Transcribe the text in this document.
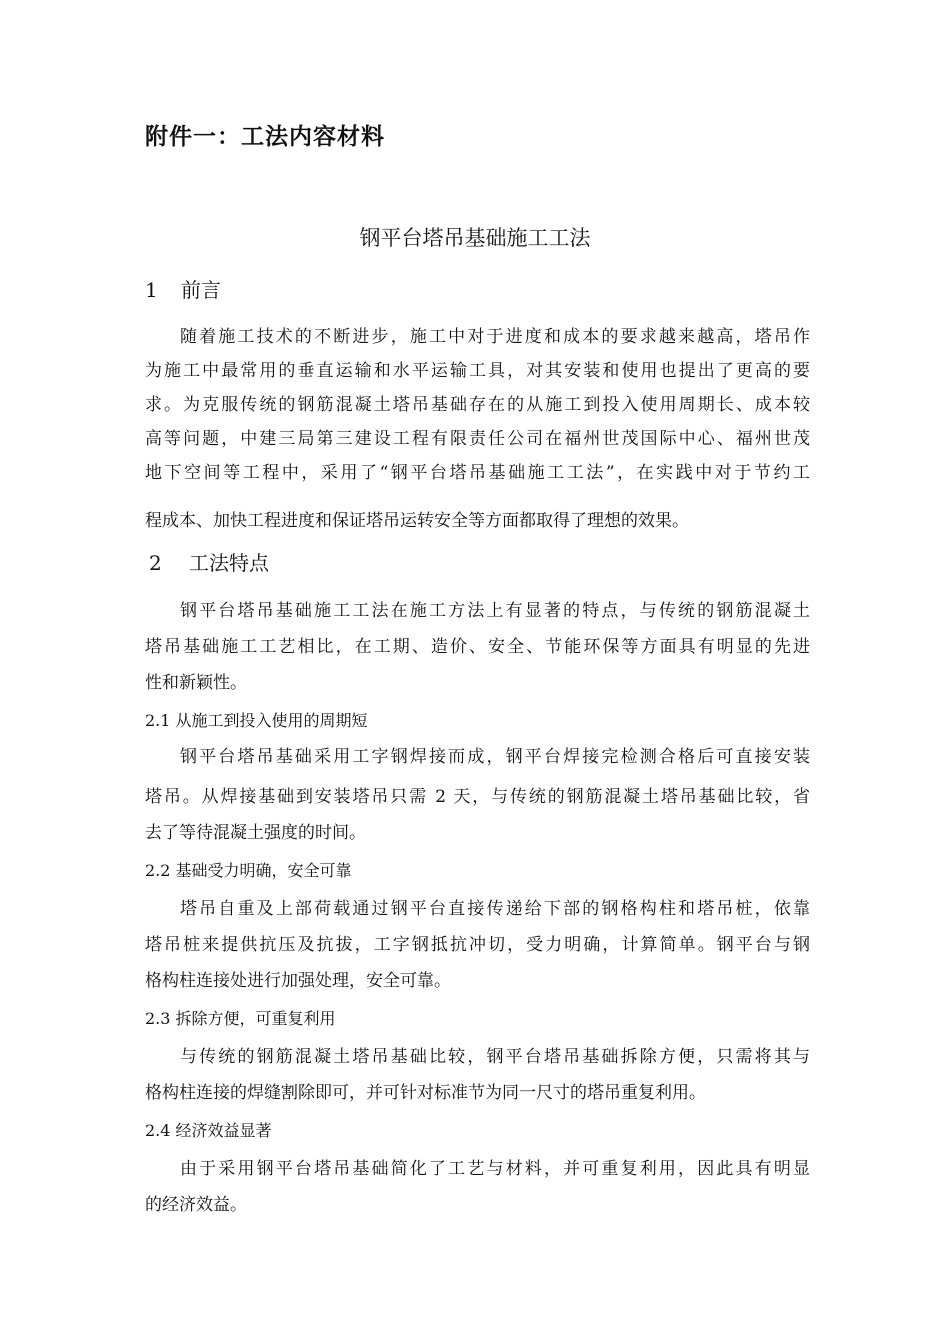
附件一：工法内容材料
钢平台塔吊基础施工工法
1 前言
随着施工技术的不断进步，施工中对于进度和成本的要求越来越高，塔吊作
为施工中最常用的垂直运输和水平运输工具，对其安装和使用也提出了更高的要
求。为克服传统的钢筋混凝土塔吊基础存在的从施工到投入使用周期长、成本较
高等问题，中建三局第三建设工程有限责任公司在福州世茂国际中心、福州世茂
地下空间等工程中，采用了“钢平台塔吊基础施工工法”，在实践中对于节约工
程成本、加快工程进度和保证塔吊运转安全等方面都取得了理想的效果。
2 工法特点
钢平台塔吊基础施工工法在施工方法上有显著的特点，与传统的钢筋混凝土
塔吊基础施工工艺相比，在工期、造价、安全、节能环保等方面具有明显的先进
性和新颖性。
2.1 从施工到投入使用的周期短
钢平台塔吊基础采用工字钢焊接而成，钢平台焊接完检测合格后可直接安装
塔吊。从焊接基础到安装塔吊只需 2 天，与传统的钢筋混凝土塔吊基础比较，省
去了等待混凝土强度的时间。
2.2 基础受力明确，安全可靠
塔吊自重及上部荷载通过钢平台直接传递给下部的钢格构柱和塔吊桩，依靠
塔吊桩来提供抗压及抗拔，工字钢抵抗冲切，受力明确，计算简单。钢平台与钢
格构柱连接处进行加强处理，安全可靠。
2.3 拆除方便，可重复利用
与传统的钢筋混凝土塔吊基础比较，钢平台塔吊基础拆除方便，只需将其与
格构柱连接的焊缝割除即可，并可针对标准节为同一尺寸的塔吊重复利用。
2.4 经济效益显著
由于采用钢平台塔吊基础简化了工艺与材料，并可重复利用，因此具有明显
的经济效益。
